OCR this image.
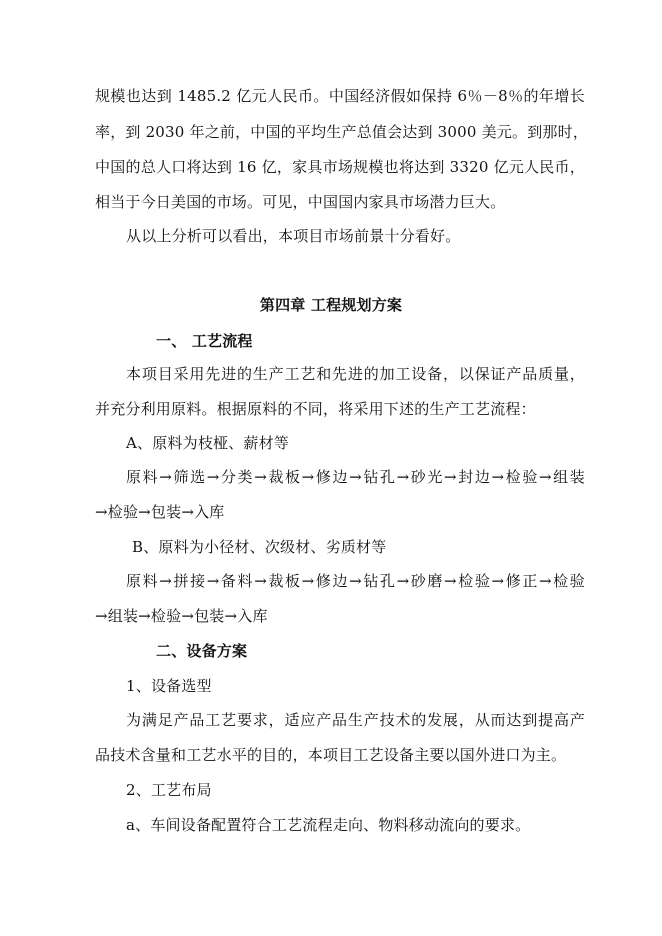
规模也达到 1485.2 亿元人民币。中国经济假如保持 6％－8％的年增长
率，到 2030 年之前，中国的平均生产总值会达到 3000 美元。到那时，
中国的总人口将达到 16 亿，家具市场规模也将达到 3320 亿元人民币，
相当于今日美国的市场。可见，中国国内家具市场潜力巨大。
从以上分析可以看出，本项目市场前景十分看好。
第四章 工程规划方案
一、 工艺流程
本项目采用先进的生产工艺和先进的加工设备，以保证产品质量，
并充分利用原料。根据原料的不同，将采用下述的生产工艺流程：
A、原料为枝桠、薪材等
原料→筛选→分类→裁板→修边→钻孔→砂光→封边→检验→组装
→检验→包装→入库
B、原料为小径材、次级材、劣质材等
原料→拼接→备料→裁板→修边→钻孔→砂磨→检验→修正→检验
→组装→检验→包装→入库
二、设备方案
1、设备选型
为满足产品工艺要求，适应产品生产技术的发展，从而达到提高产
品技术含量和工艺水平的目的，本项目工艺设备主要以国外进口为主。
2、工艺布局
a、车间设备配置符合工艺流程走向、物料移动流向的要求。
